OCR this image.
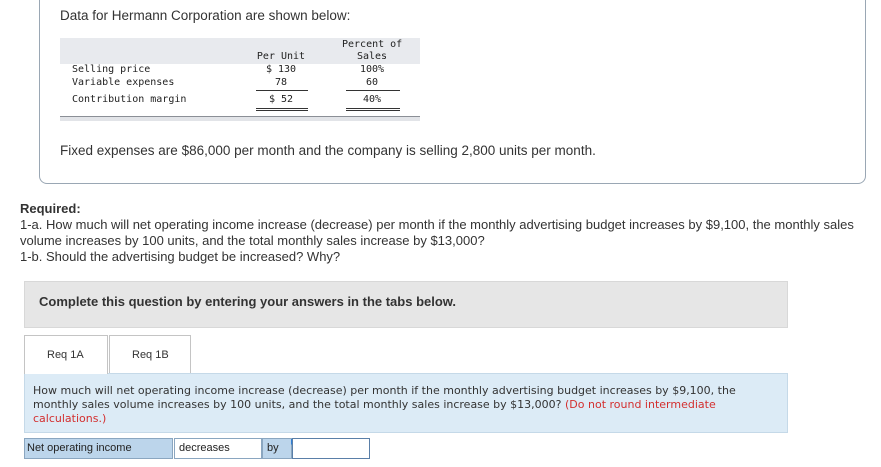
Data for Hermann Corporation are shown below:
Percent of
Per Unit	Sales
Selling price	$ 130	100%
Variable expenses	78	60
Contribution margin	$ 52	40%
Fixed expenses are $86,000 per month and the company is selling 2,800 units per month.
Required:
1-a. How much will net operating income increase (decrease) per month if the monthly advertising budget increases by $9,100, the monthly sales volume increases by 100 units, and the total monthly sales increase by $13,000?
1-b. Should the advertising budget be increased? Why?
Complete this question by entering your answers in the tabs below.
Req 1A	Req 1B
How much will net operating income increase (decrease) per month if the monthly advertising budget increases by $9,100, the monthly sales volume increases by 100 units, and the total monthly sales increase by $13,000? (Do not round intermediate calculations.)
Net operating income	decreases	by
